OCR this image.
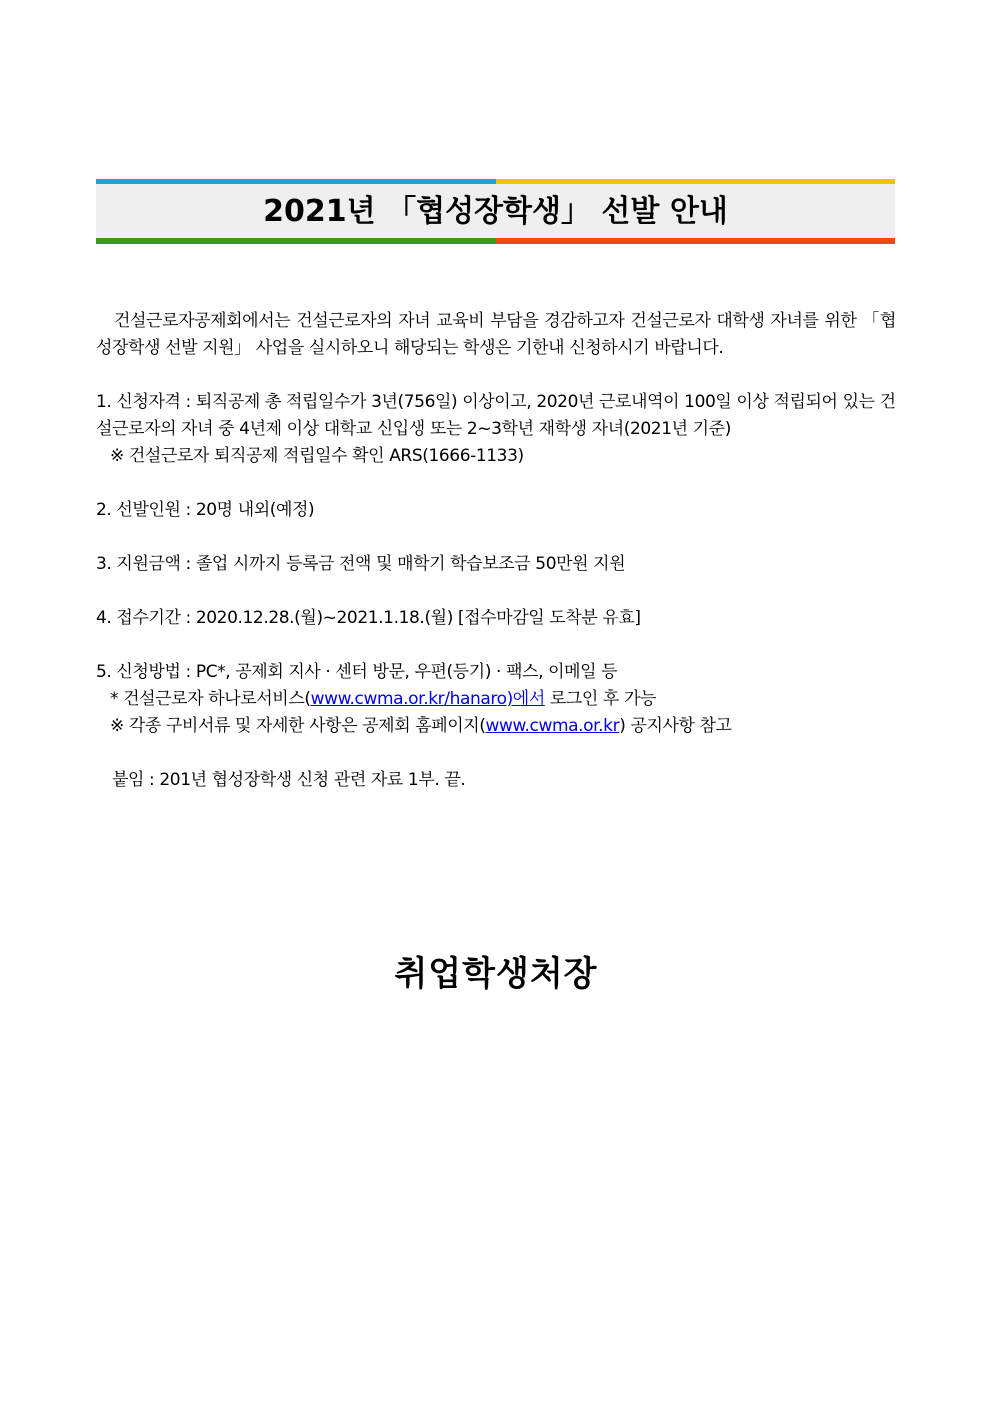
2021년 「협성장학생」 선발 안내

건설근로자공제회에서는 건설근로자의 자녀 교육비 부담을 경감하고자 건설근로자 대학생 자녀를 위한 「협성장학생 선발 지원」 사업을 실시하오니 해당되는 학생은 기한내 신청하시기 바랍니다.

1. 신청자격 : 퇴직공제 총 적립일수가 3년(756일) 이상이고, 2020년 근로내역이 100일 이상 적립되어 있는 건설근로자의 자녀 중 4년제 이상 대학교 신입생 또는 2~3학년 재학생 자녀(2021년 기준)

※ 건설근로자 퇴직공제 적립일수 확인 ARS(1666-1133)

2. 선발인원 : 20명 내외(예정)

3. 지원금액 : 졸업 시까지 등록금 전액 및 매학기 학습보조금 50만원 지원

4. 접수기간 : 2020.12.28.(월)~2021.1.18.(월) [접수마감일 도착분 유효]

5. 신청방법 : PC*, 공제회 지사 · 센터 방문, 우편(등기) · 팩스, 이메일 등

* 건설근로자 하나로서비스(www.cwma.or.kr/hanaro)에서 로그인 후 가능

※ 각종 구비서류 및 자세한 사항은 공제회 홈페이지(www.cwma.or.kr) 공지사항 참고

붙임 : 201년 협성장학생 신청 관련 자료 1부. 끝.

취업학생처장
